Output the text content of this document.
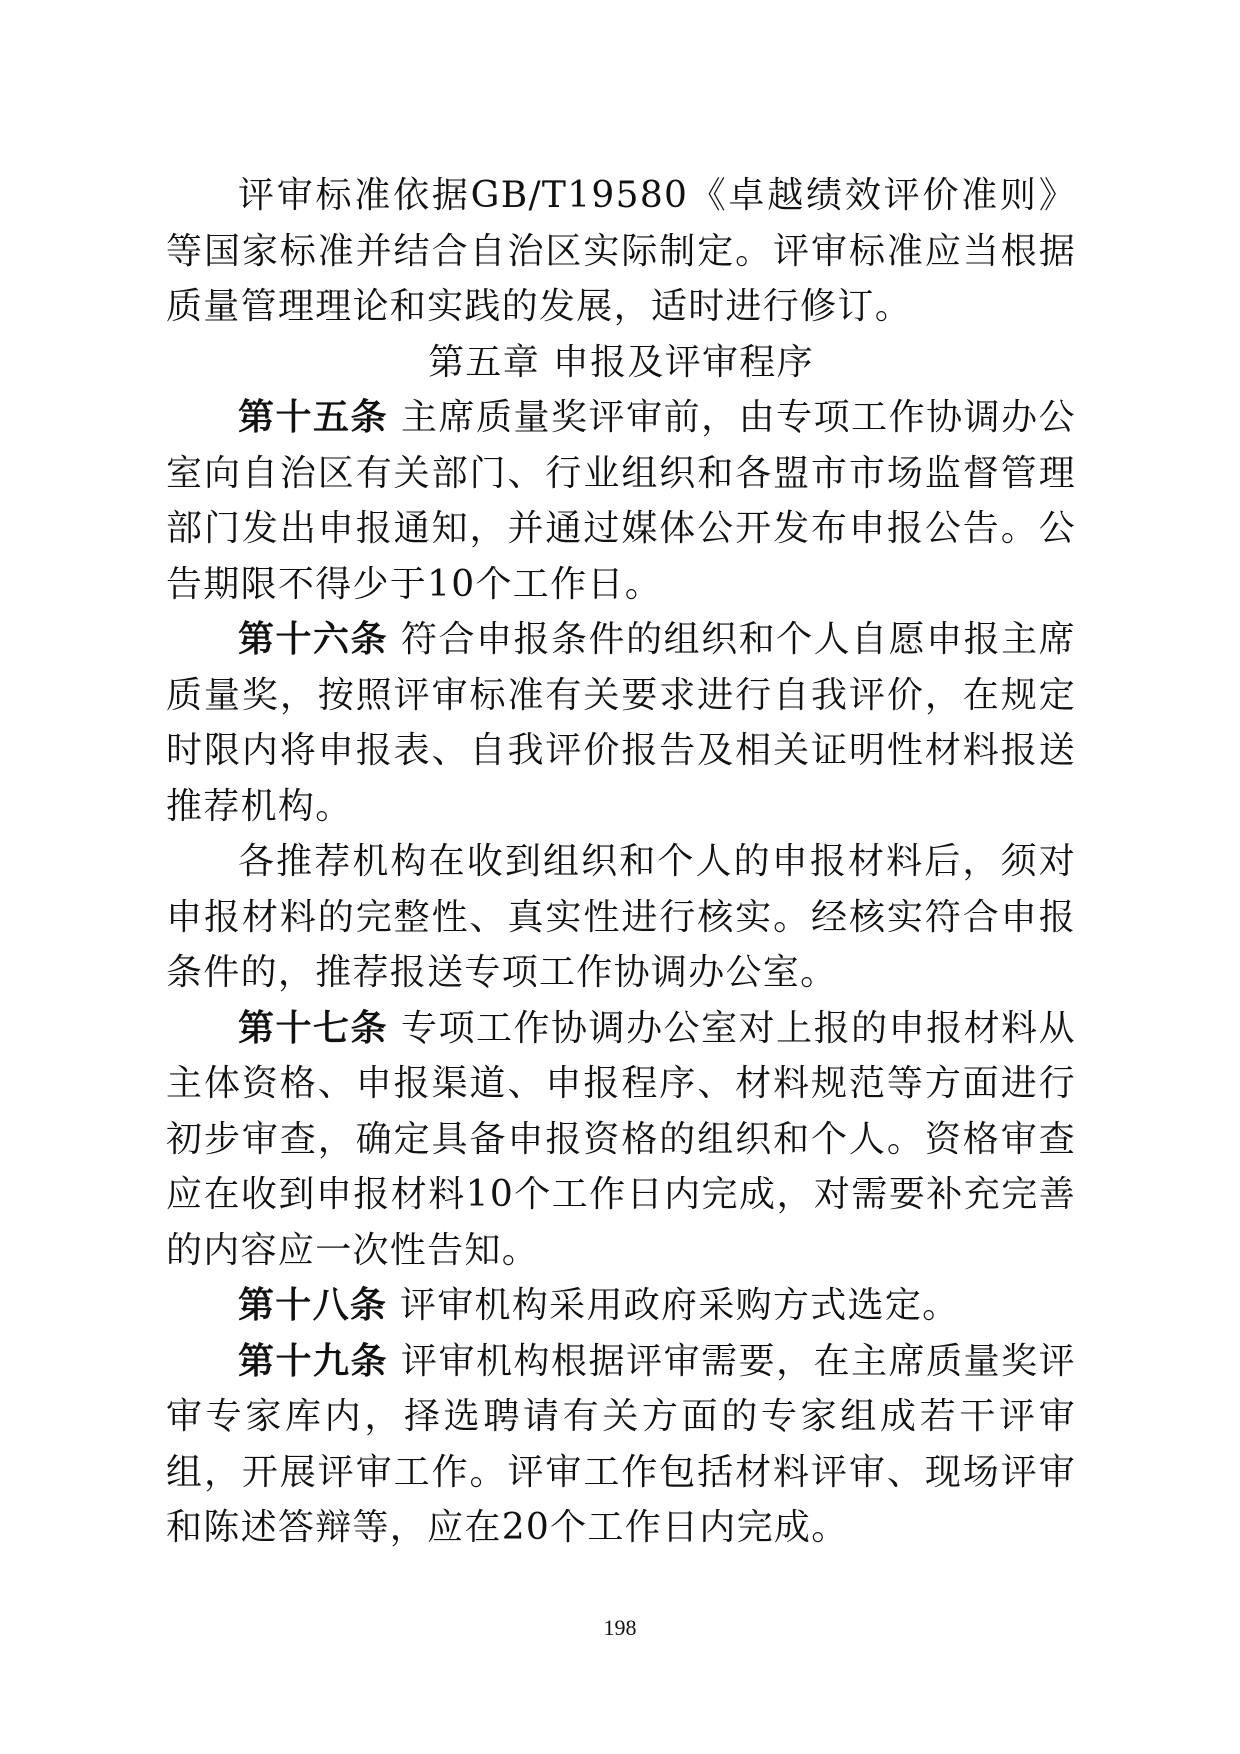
评审标准依据GB/T19580《卓越绩效评价准则》等国家标准并结合自治区实际制定。评审标准应当根据质量管理理论和实践的发展，适时进行修订。

第五章 申报及评审程序

第十五条 主席质量奖评审前，由专项工作协调办公室向自治区有关部门、行业组织和各盟市市场监督管理部门发出申报通知，并通过媒体公开发布申报公告。公告期限不得少于10个工作日。

第十六条 符合申报条件的组织和个人自愿申报主席质量奖，按照评审标准有关要求进行自我评价，在规定时限内将申报表、自我评价报告及相关证明性材料报送推荐机构。

各推荐机构在收到组织和个人的申报材料后，须对申报材料的完整性、真实性进行核实。经核实符合申报条件的，推荐报送专项工作协调办公室。

第十七条 专项工作协调办公室对上报的申报材料从主体资格、申报渠道、申报程序、材料规范等方面进行初步审查，确定具备申报资格的组织和个人。资格审查应在收到申报材料10个工作日内完成，对需要补充完善的内容应一次性告知。

第十八条 评审机构采用政府采购方式选定。

第十九条 评审机构根据评审需要，在主席质量奖评审专家库内，择选聘请有关方面的专家组成若干评审组，开展评审工作。评审工作包括材料评审、现场评审和陈述答辩等，应在20个工作日内完成。

198
